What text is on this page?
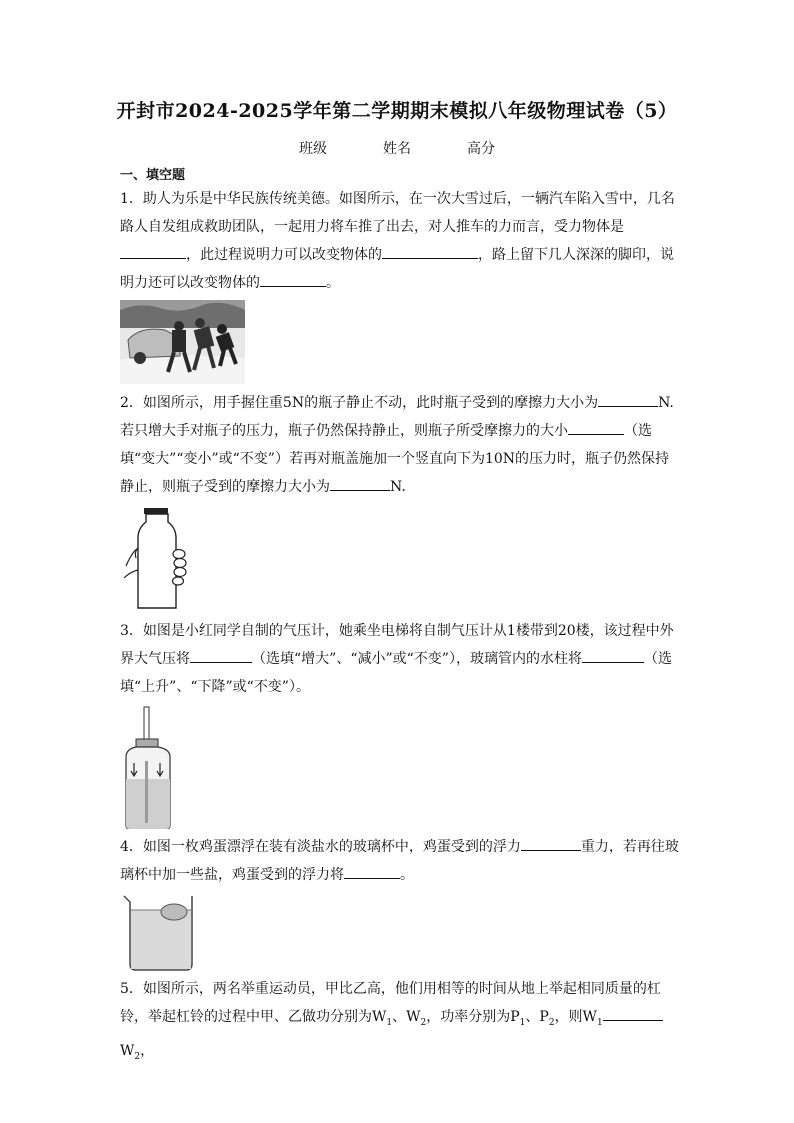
开封市2024-2025学年第二学期期末模拟八年级物理试卷（5）
班级	姓名	高分
一、填空题
1．助人为乐是中华民族传统美德。如图所示，在一次大雪过后，一辆汽车陷入雪中，几名路人自发组成救助团队，一起用力将车推了出去，对人推车的力而言，受力物体是，此过程说明力可以改变物体的	，路上留下几人深深的脚印，说明力还可以改变物体的	。
2．如图所示，用手握住重5N的瓶子静止不动，此时瓶子受到的摩擦力大小为	N.若只增大手对瓶子的压力，瓶子仍然保持静止，则瓶子所受摩擦力的大小	（选填“变大”“变小”或“不变”）若再对瓶盖施加一个竖直向下为10N的压力时，瓶子仍然保持静止，则瓶子受到的摩擦力大小为	N.
3．如图是小红同学自制的气压计，她乘坐电梯将自制气压计从1楼带到20楼，该过程中外界大气压将	（选填“增大”、“减小”或“不变”），玻璃管内的水柱将	（选填“上升”、“下降”或“不变”）。
4．如图一枚鸡蛋漂浮在装有淡盐水的玻璃杯中，鸡蛋受到的浮力	重力，若再往玻璃杯中加一些盐，鸡蛋受到的浮力将	。
5．如图所示，两名举重运动员，甲比乙高，他们用相等的时间从地上举起相同质量的杠铃，举起杠铃的过程中甲、乙做功分别为$W_1$、$W_2$，功率分别为$P_1$、$P_2$，则$W_1W_2$，
